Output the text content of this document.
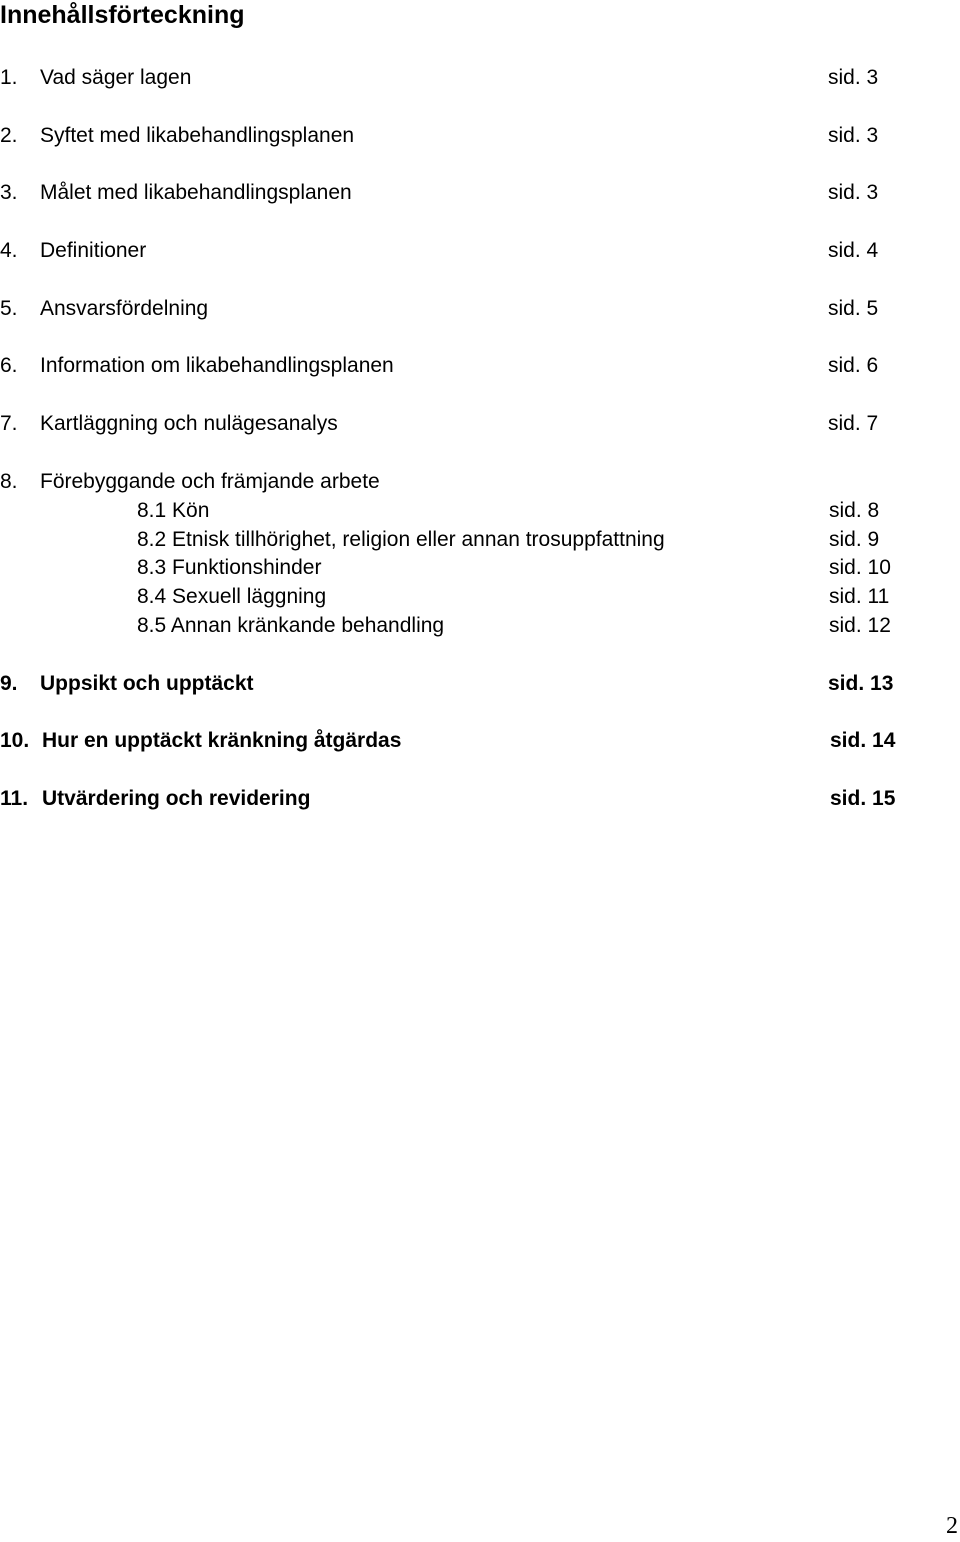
Innehållsförteckning
1. Vad säger lagen	sid. 3
2. Syftet med likabehandlingsplanen	sid. 3
3. Målet med likabehandlingsplanen	sid. 3
4. Definitioner	sid. 4
5. Ansvarsfördelning	sid. 5
6. Information om likabehandlingsplanen	sid. 6
7. Kartläggning och nulägesanalys	sid. 7
8. Förebyggande och främjande arbete
8.1 Kön	sid. 8
8.2 Etnisk tillhörighet, religion eller annan trosuppfattning	sid. 9
8.3 Funktionshinder	sid. 10
8.4 Sexuell läggning	sid. 11
8.5 Annan kränkande behandling	sid. 12
9. Uppsikt och upptäckt	sid. 13
10. Hur en upptäckt kränkning åtgärdas	sid. 14
11. Utvärdering och revidering	sid. 15
2
